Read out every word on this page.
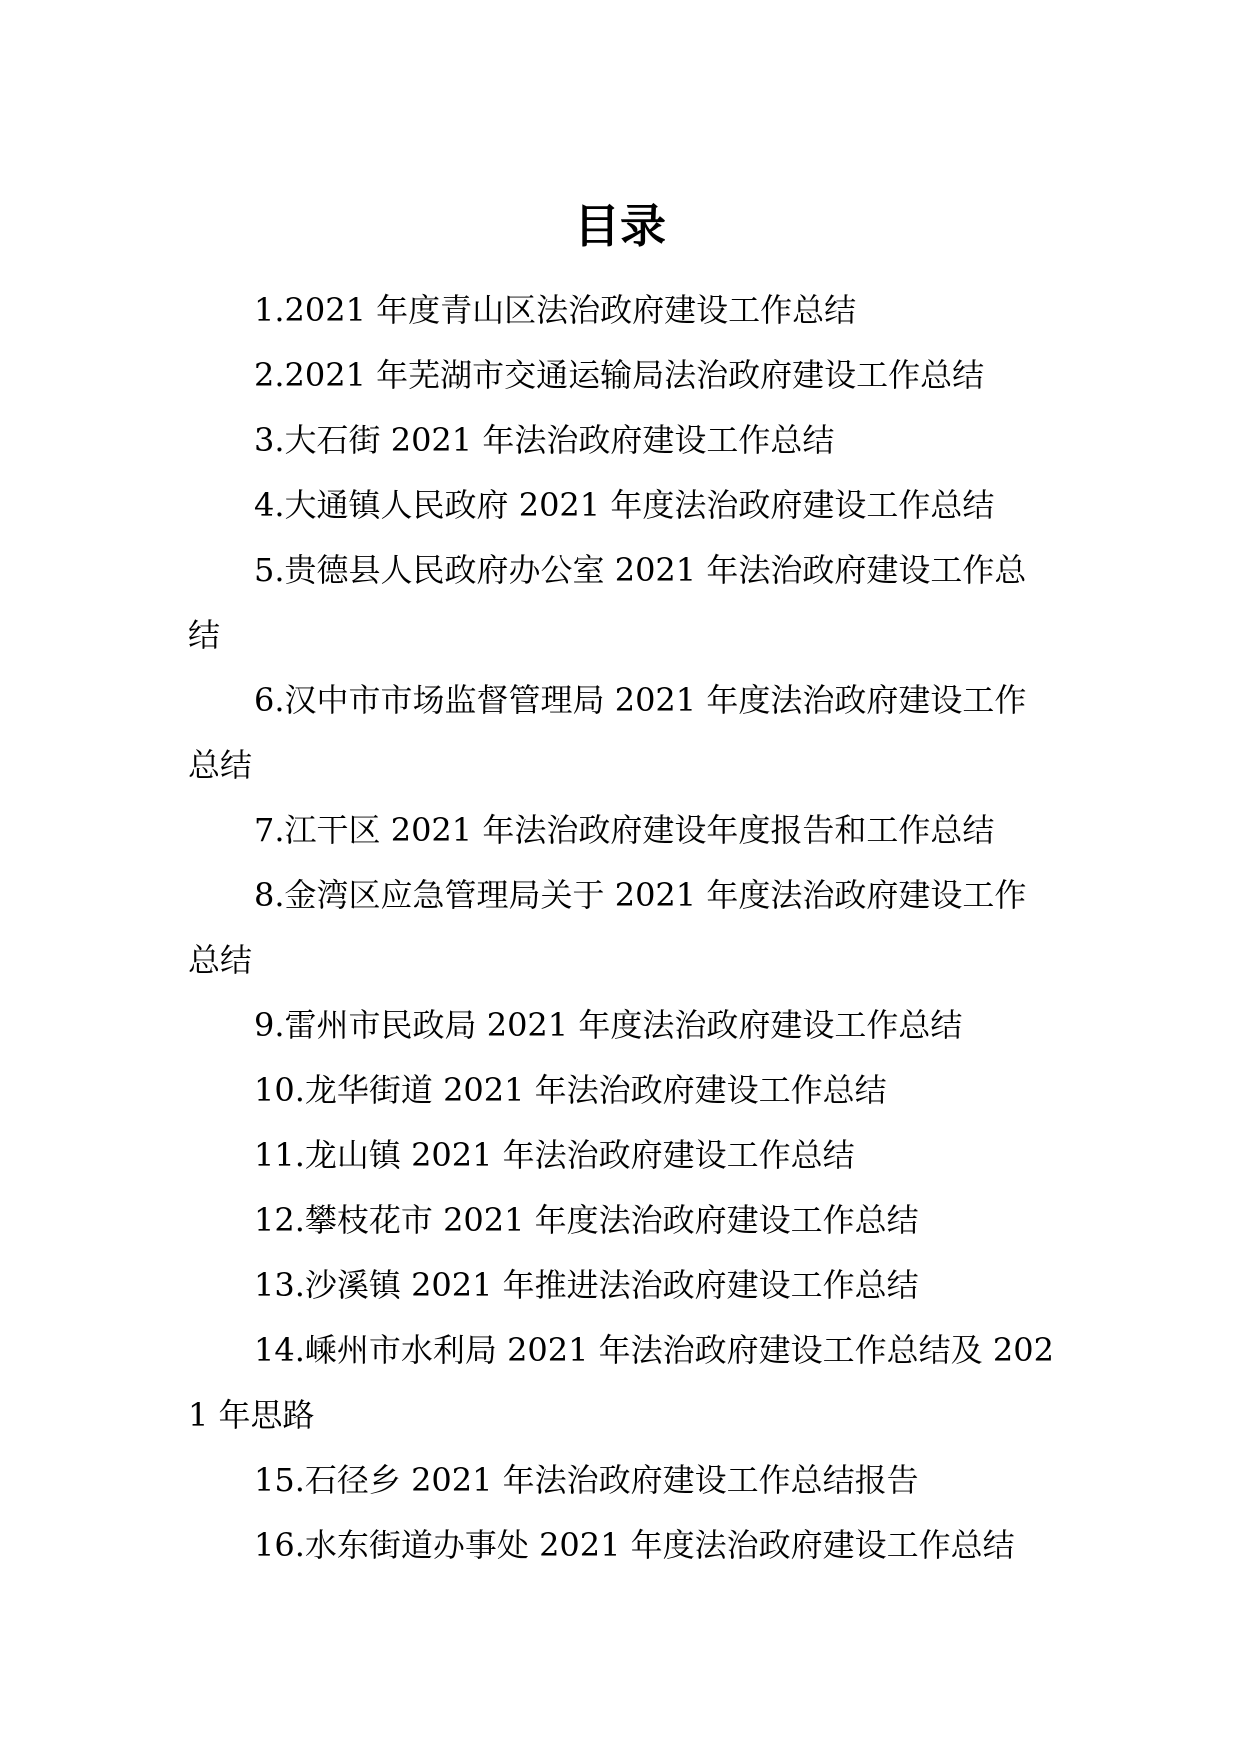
目录
1.2021 年度青山区法治政府建设工作总结
2.2021 年芜湖市交通运输局法治政府建设工作总结
3.大石街 2021 年法治政府建设工作总结
4.大通镇人民政府 2021 年度法治政府建设工作总结
5.贵德县人民政府办公室 2021 年法治政府建设工作总结
6.汉中市市场监督管理局 2021 年度法治政府建设工作总结
7.江干区 2021 年法治政府建设年度报告和工作总结
8.金湾区应急管理局关于 2021 年度法治政府建设工作总结
9.雷州市民政局 2021 年度法治政府建设工作总结
10.龙华街道 2021 年法治政府建设工作总结
11.龙山镇 2021 年法治政府建设工作总结
12.攀枝花市 2021 年度法治政府建设工作总结
13.沙溪镇 2021 年推进法治政府建设工作总结
14.嵊州市水利局 2021 年法治政府建设工作总结及 2021 年思路
15.石径乡 2021 年法治政府建设工作总结报告
16.水东街道办事处 2021 年度法治政府建设工作总结
